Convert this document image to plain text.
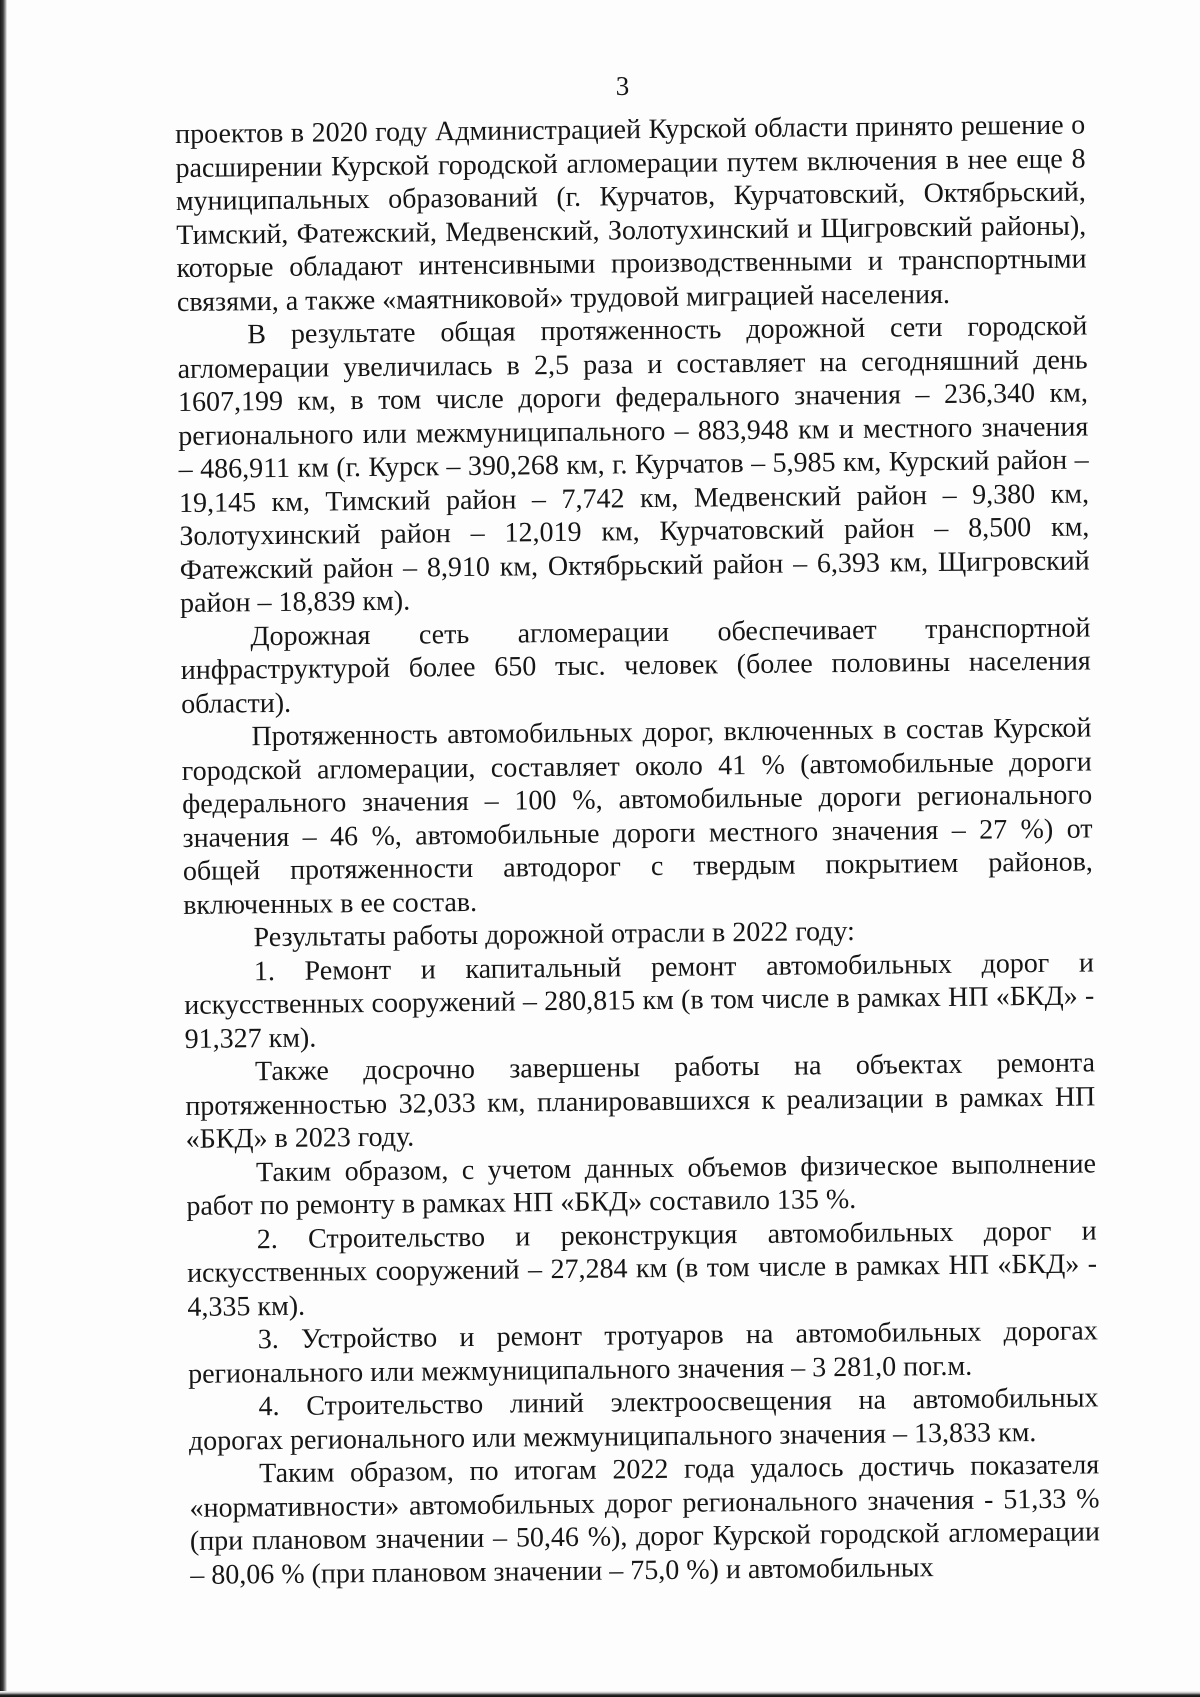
3

проектов в 2020 году Администрацией Курской области принято решение о расширении Курской городской агломерации путем включения в нее еще 8 муниципальных образований (г. Курчатов, Курчатовский, Октябрьский, Тимский, Фатежский, Медвенский, Золотухинский и Щигровский районы), которые обладают интенсивными производственными и транспортными связями, а также «маятниковой» трудовой миграцией населения.

В результате общая протяженность дорожной сети городской агломерации увеличилась в 2,5 раза и составляет на сегодняшний день 1607,199 км, в том числе дороги федерального значения – 236,340 км, регионального или межмуниципального – 883,948 км и местного значения – 486,911 км (г. Курск – 390,268 км, г. Курчатов – 5,985 км, Курский район – 19,145 км, Тимский район – 7,742 км, Медвенский район – 9,380 км, Золотухинский район – 12,019 км, Курчатовский район – 8,500 км, Фатежский район – 8,910 км, Октябрьский район – 6,393 км, Щигровский район – 18,839 км).

Дорожная сеть агломерации обеспечивает транспортной инфраструктурой более 650 тыс. человек (более половины населения области).

Протяженность автомобильных дорог, включенных в состав Курской городской агломерации, составляет около 41 % (автомобильные дороги федерального значения – 100 %, автомобильные дороги регионального значения – 46 %, автомобильные дороги местного значения – 27 %) от общей протяженности автодорог с твердым покрытием районов, включенных в ее состав.

Результаты работы дорожной отрасли в 2022 году:

1. Ремонт и капитальный ремонт автомобильных дорог и искусственных сооружений – 280,815 км (в том числе в рамках НП «БКД» - 91,327 км).

Также досрочно завершены работы на объектах ремонта протяженностью 32,033 км, планировавшихся к реализации в рамках НП «БКД» в 2023 году.

Таким образом, с учетом данных объемов физическое выполнение работ по ремонту в рамках НП «БКД» составило 135 %.

2. Строительство и реконструкция автомобильных дорог и искусственных сооружений – 27,284 км (в том числе в рамках НП «БКД» - 4,335 км).

3. Устройство и ремонт тротуаров на автомобильных дорогах регионального или межмуниципального значения – 3 281,0 пог.м.

4. Строительство линий электроосвещения на автомобильных дорогах регионального или межмуниципального значения – 13,833 км.

Таким образом, по итогам 2022 года удалось достичь показателя «нормативности» автомобильных дорог регионального значения - 51,33 % (при плановом значении – 50,46 %), дорог Курской городской агломерации – 80,06 % (при плановом значении – 75,0 %) и автомобильных
